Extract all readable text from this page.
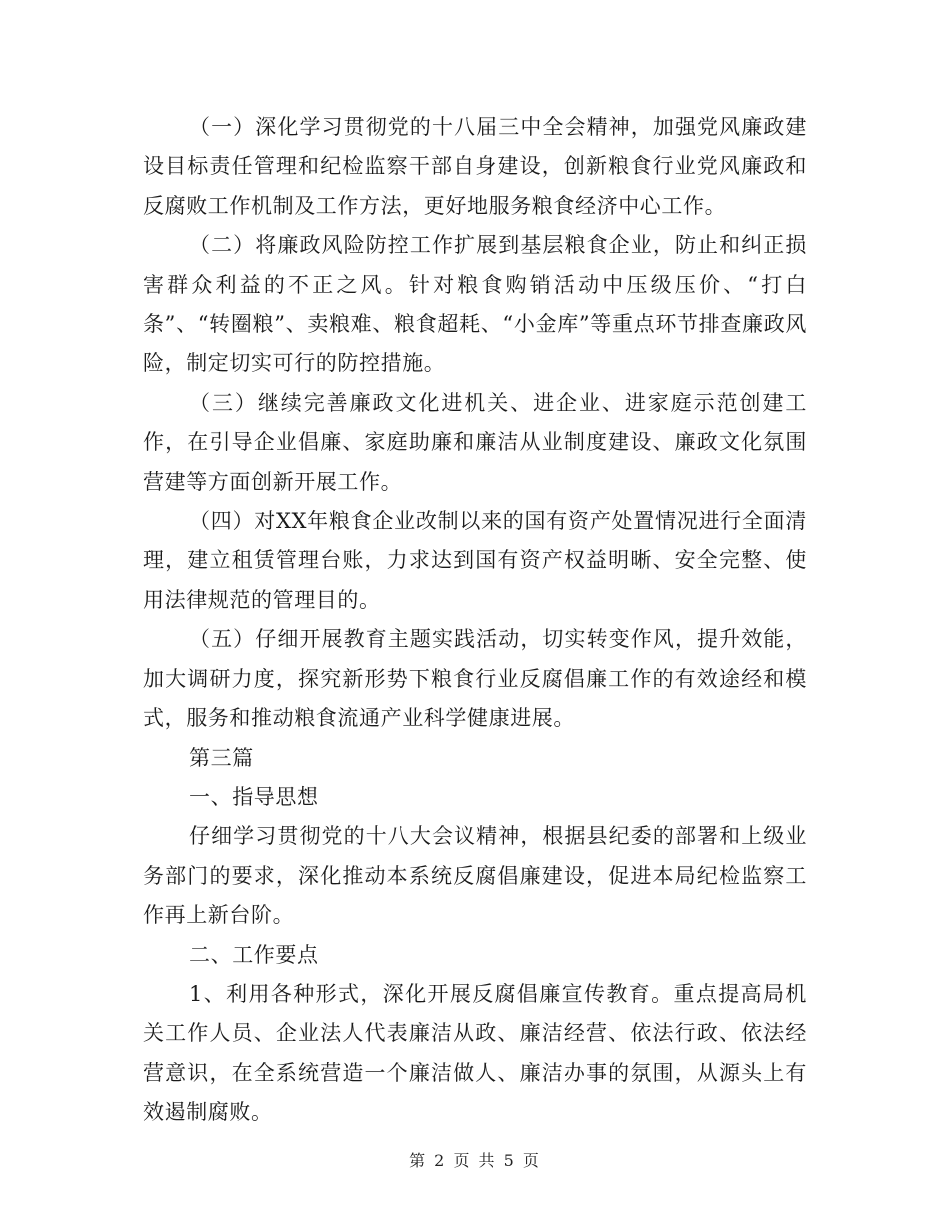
（一）深化学习贯彻党的十八届三中全会精神，加强党风廉政建设目标责任管理和纪检监察干部自身建设，创新粮食行业党风廉政和反腐败工作机制及工作方法，更好地服务粮食经济中心工作。

（二）将廉政风险防控工作扩展到基层粮食企业，防止和纠正损害群众利益的不正之风。针对粮食购销活动中压级压价、“打白条”、“转圈粮”、卖粮难、粮食超耗、“小金库”等重点环节排查廉政风险，制定切实可行的防控措施。

（三）继续完善廉政文化进机关、进企业、进家庭示范创建工作，在引导企业倡廉、家庭助廉和廉洁从业制度建设、廉政文化氛围营建等方面创新开展工作。

（四）对XX年粮食企业改制以来的国有资产处置情况进行全面清理，建立租赁管理台账，力求达到国有资产权益明晰、安全完整、使用法律规范的管理目的。

（五）仔细开展教育主题实践活动，切实转变作风，提升效能，加大调研力度，探究新形势下粮食行业反腐倡廉工作的有效途经和模式，服务和推动粮食流通产业科学健康进展。

第三篇

一、指导思想

仔细学习贯彻党的十八大会议精神，根据县纪委的部署和上级业务部门的要求，深化推动本系统反腐倡廉建设，促进本局纪检监察工作再上新台阶。

二、工作要点

1、利用各种形式，深化开展反腐倡廉宣传教育。重点提高局机关工作人员、企业法人代表廉洁从政、廉洁经营、依法行政、依法经营意识，在全系统营造一个廉洁做人、廉洁办事的氛围，从源头上有效遏制腐败。

第 2 页 共 5 页
